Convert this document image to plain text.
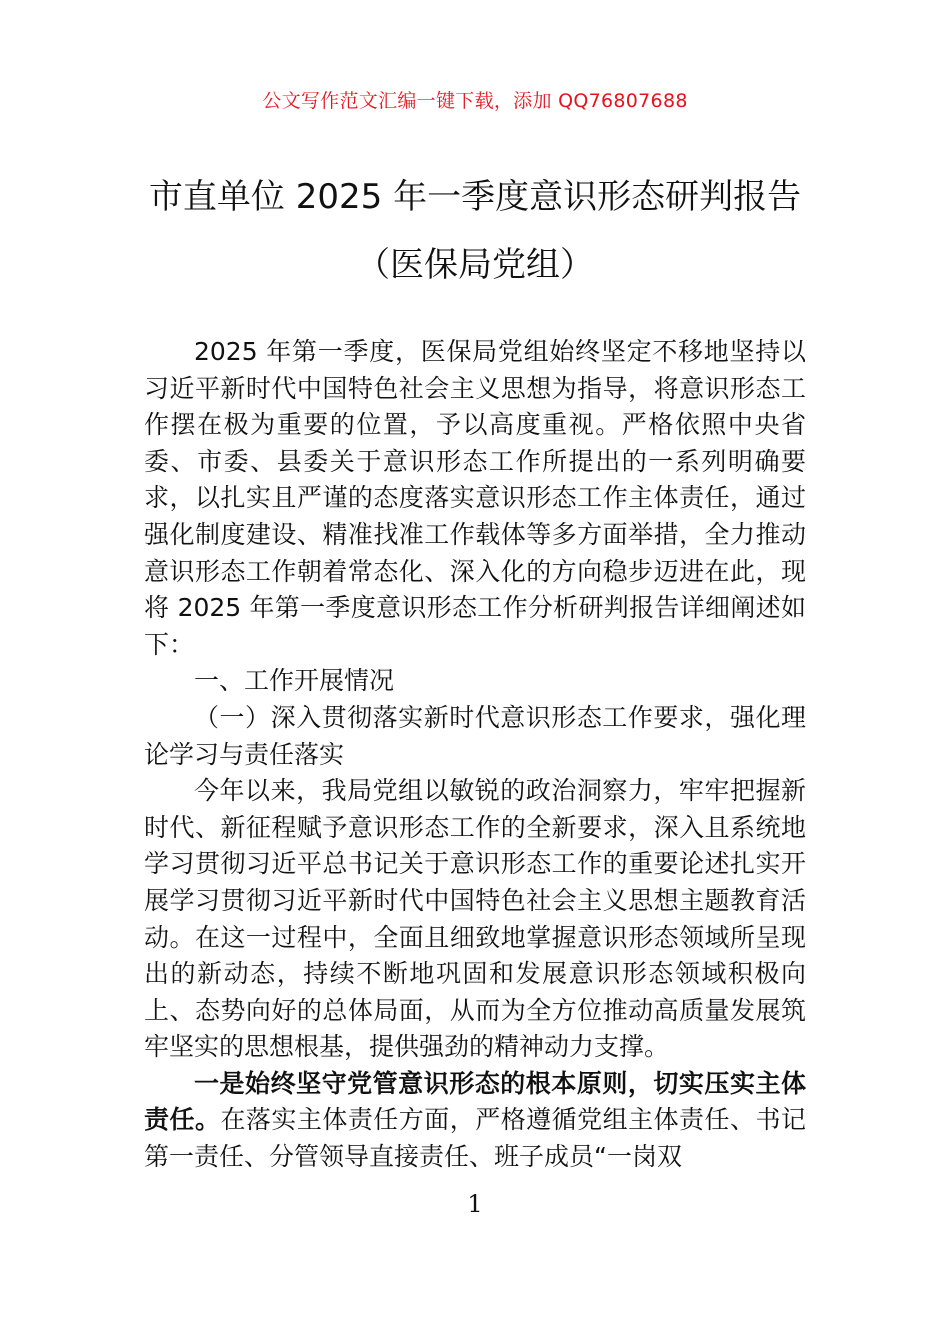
公文写作范文汇编一键下载，添加 QQ76807688
市直单位 2025 年一季度意识形态研判报告
（医保局党组）

2025 年第一季度，医保局党组始终坚定不移地坚持以习近平新时代中国特色社会主义思想为指导，将意识形态工作摆在极为重要的位置，予以高度重视。严格依照中央省委、市委、县委关于意识形态工作所提出的一系列明确要求，以扎实且严谨的态度落实意识形态工作主体责任，通过强化制度建设、精准找准工作载体等多方面举措，全力推动意识形态工作朝着常态化、深入化的方向稳步迈进在此，现将 2025 年第一季度意识形态工作分析研判报告详细阐述如下：

一、工作开展情况

（一）深入贯彻落实新时代意识形态工作要求，强化理论学习与责任落实

今年以来，我局党组以敏锐的政治洞察力，牢牢把握新时代、新征程赋予意识形态工作的全新要求，深入且系统地学习贯彻习近平总书记关于意识形态工作的重要论述扎实开展学习贯彻习近平新时代中国特色社会主义思想主题教育活动。在这一过程中，全面且细致地掌握意识形态领域所呈现出的新动态，持续不断地巩固和发展意识形态领域积极向上、态势向好的总体局面，从而为全方位推动高质量发展筑牢坚实的思想根基，提供强劲的精神动力支撑。

一是始终坚守党管意识形态的根本原则，切实压实主体责任。在落实主体责任方面，严格遵循党组主体责任、书记第一责任、分管领导直接责任、班子成员“一岗双

1
